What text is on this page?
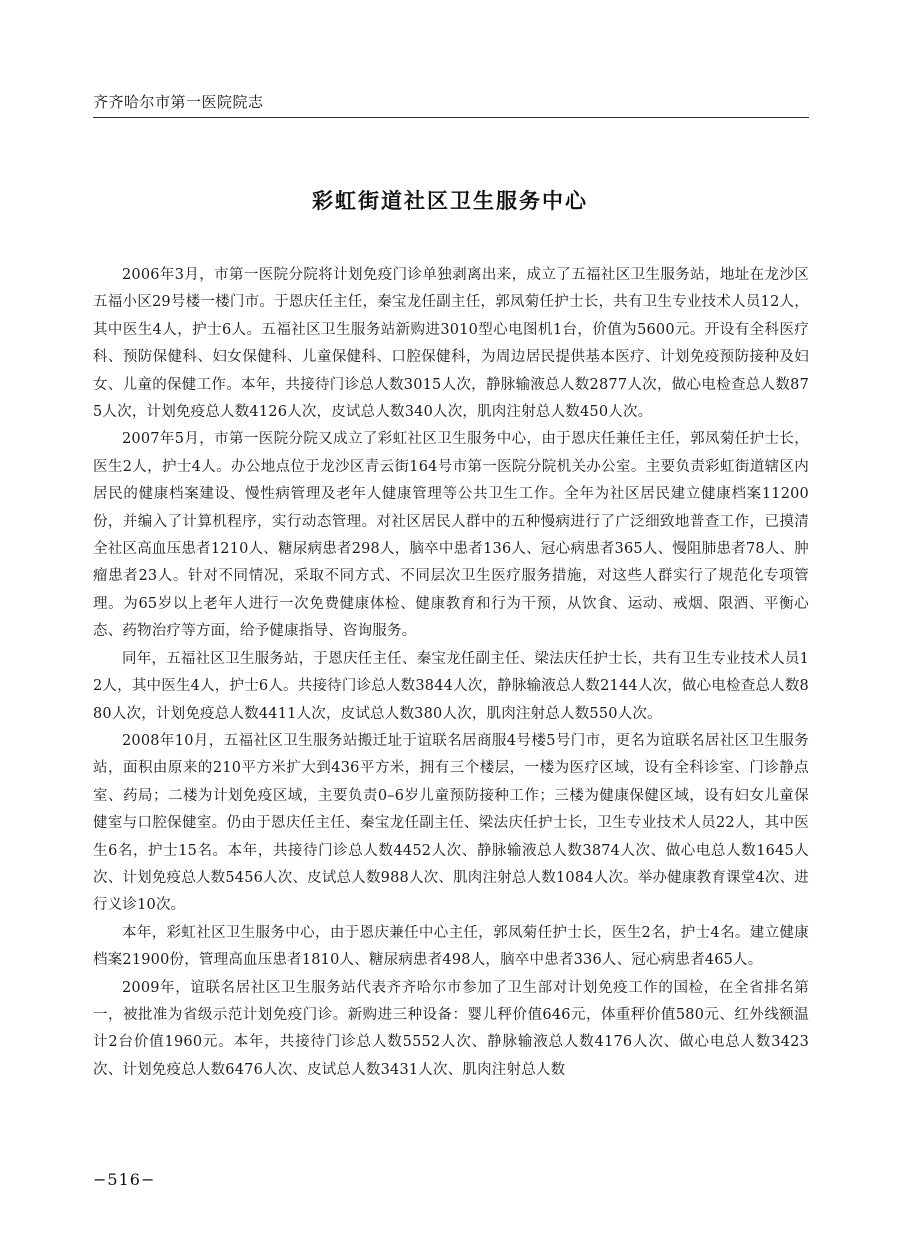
齐齐哈尔市第一医院院志
彩虹街道社区卫生服务中心

2006年3月，市第一医院分院将计划免疫门诊单独剥离出来，成立了五福社区卫生服务站，地址在龙沙区五福小区29号楼一楼门市。于恩庆任主任，秦宝龙任副主任，郭凤菊任护士长，共有卫生专业技术人员12人，其中医生4人，护士6人。五福社区卫生服务站新购进3010型心电图机1台，价值为5600元。开设有全科医疗科、预防保健科、妇女保健科、儿童保健科、口腔保健科，为周边居民提供基本医疗、计划免疫预防接种及妇女、儿童的保健工作。本年，共接待门诊总人数3015人次，静脉输液总人数2877人次，做心电检查总人数875人次，计划免疫总人数4126人次，皮试总人数340人次，肌肉注射总人数450人次。

2007年5月，市第一医院分院又成立了彩虹社区卫生服务中心，由于恩庆任兼任主任，郭凤菊任护士长，医生2人，护士4人。办公地点位于龙沙区青云街164号市第一医院分院机关办公室。主要负责彩虹街道辖区内居民的健康档案建设、慢性病管理及老年人健康管理等公共卫生工作。全年为社区居民建立健康档案11200份，并编入了计算机程序，实行动态管理。对社区居民人群中的五种慢病进行了广泛细致地普查工作，已摸清全社区高血压患者1210人、糖尿病患者298人，脑卒中患者136人、冠心病患者365人、慢阻肺患者78人、肿瘤患者23人。针对不同情况，采取不同方式、不同层次卫生医疗服务措施，对这些人群实行了规范化专项管理。为65岁以上老年人进行一次免费健康体检、健康教育和行为干预，从饮食、运动、戒烟、限酒、平衡心态、药物治疗等方面，给予健康指导、咨询服务。

同年，五福社区卫生服务站，于恩庆任主任、秦宝龙任副主任、梁法庆任护士长，共有卫生专业技术人员12人，其中医生4人，护士6人。共接待门诊总人数3844人次，静脉输液总人数2144人次，做心电检查总人数880人次，计划免疫总人数4411人次，皮试总人数380人次，肌肉注射总人数550人次。

2008年10月，五福社区卫生服务站搬迁址于谊联名居商服4号楼5号门市，更名为谊联名居社区卫生服务站，面积由原来的210平方米扩大到436平方米，拥有三个楼层，一楼为医疗区域，设有全科诊室、门诊静点室、药局；二楼为计划免疫区域，主要负责0–6岁儿童预防接种工作；三楼为健康保健区域，设有妇女儿童保健室与口腔保健室。仍由于恩庆任主任、秦宝龙任副主任、梁法庆任护士长，卫生专业技术人员22人，其中医生6名，护士15名。本年，共接待门诊总人数4452人次、静脉输液总人数3874人次、做心电总人数1645人次、计划免疫总人数5456人次、皮试总人数988人次、肌肉注射总人数1084人次。举办健康教育课堂4次、进行义诊10次。

本年，彩虹社区卫生服务中心，由于恩庆兼任中心主任，郭凤菊任护士长，医生2名，护士4名。建立健康档案21900份，管理高血压患者1810人、糖尿病患者498人，脑卒中患者336人、冠心病患者465人。

2009年，谊联名居社区卫生服务站代表齐齐哈尔市参加了卫生部对计划免疫工作的国检，在全省排名第一，被批准为省级示范计划免疫门诊。新购进三种设备：婴儿秤价值646元，体重秤价值580元、红外线额温计2台价值1960元。本年，共接待门诊总人数5552人次、静脉输液总人数4176人次、做心电总人数3423次、计划免疫总人数6476人次、皮试总人数3431人次、肌肉注射总人数

−516−
